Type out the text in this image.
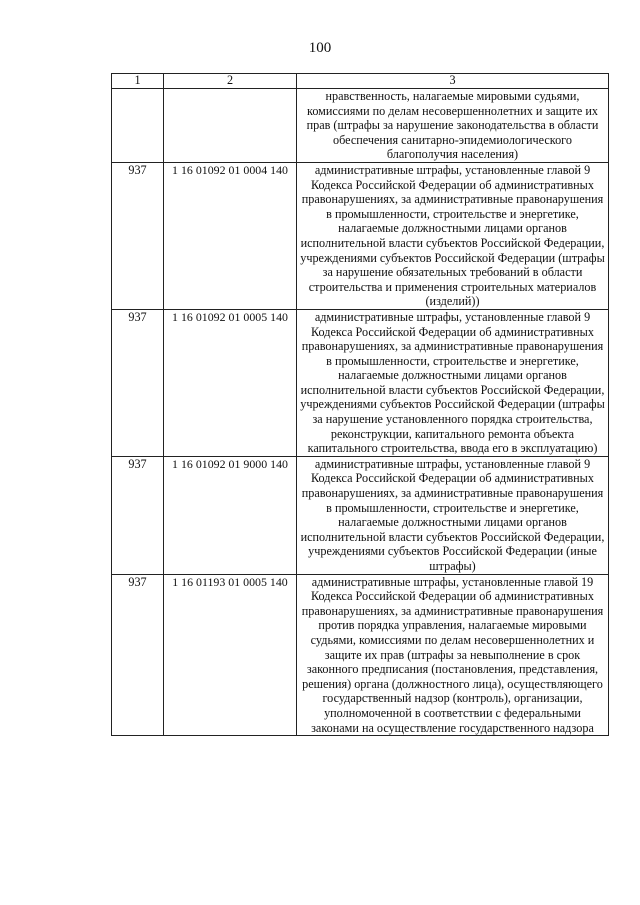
100
1	2	3
		нравственность, налагаемые мировыми судьями, комиссиями по делам несовершеннолетних и защите их прав (штрафы за нарушение законодательства в области обеспечения санитарно-эпидемиологического благополучия населения)
937	1 16 01092 01 0004 140	административные штрафы, установленные главой 9 Кодекса Российской Федерации об административных правонарушениях, за административные правонарушения в промышленности, строительстве и энергетике, налагаемые должностными лицами органов исполнительной власти субъектов Российской Федерации, учреждениями субъектов Российской Федерации (штрафы за нарушение обязательных требований в области строительства и применения строительных материалов (изделий))
937	1 16 01092 01 0005 140	административные штрафы, установленные главой 9 Кодекса Российской Федерации об административных правонарушениях, за административные правонарушения в промышленности, строительстве и энергетике, налагаемые должностными лицами органов исполнительной власти субъектов Российской Федерации, учреждениями субъектов Российской Федерации (штрафы за нарушение установленного порядка строительства, реконструкции, капитального ремонта объекта капитального строительства, ввода его в эксплуатацию)
937	1 16 01092 01 9000 140	административные штрафы, установленные главой 9 Кодекса Российской Федерации об административных правонарушениях, за административные правонарушения в промышленности, строительстве и энергетике, налагаемые должностными лицами органов исполнительной власти субъектов Российской Федерации, учреждениями субъектов Российской Федерации (иные штрафы)
937	1 16 01193 01 0005 140	административные штрафы, установленные главой 19 Кодекса Российской Федерации об административных правонарушениях, за административные правонарушения против порядка управления, налагаемые мировыми судьями, комиссиями по делам несовершеннолетних и защите их прав (штрафы за невыполнение в срок законного предписания (постановления, представления, решения) органа (должностного лица), осуществляющего государственный надзор (контроль), организации, уполномоченной в соответствии с федеральными законами на осуществление государственного надзора
